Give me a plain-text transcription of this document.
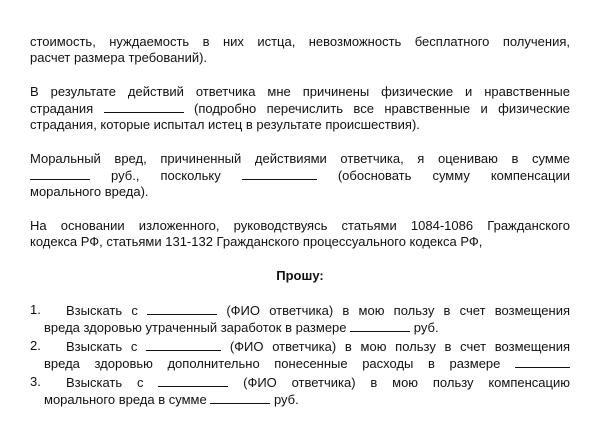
стоимость, нуждаемость в них истца, невозможность бесплатного получения,
расчет размера требований).

В результате действий ответчика мне причинены физические и нравственные
страдания	(подробно перечислить все нравственные и физические
страдания, которые испытал истец в результате происшествия).

Моральный вред, причиненный действиями ответчика, я оцениваю в сумме
руб., поскольку	(обосновать сумму компенсации
морального вреда).

На основании изложенного, руководствуясь статьями 1084-1086 Гражданского
кодекса РФ, статьями 131-132 Гражданского процессуального кодекса РФ,

Прошу:
1.	Взыскать с	(ФИО ответчика) в мою пользу в счет возмещения
вреда здоровью утраченный заработок в размере	руб.
2.	Взыскать с	(ФИО ответчика) в мою пользу в счет возмещения
вреда здоровью дополнительно понесенные расходы в размере
3.	Взыскать с	(ФИО ответчика) в мою пользу компенсацию
морального вреда в сумме	руб.
